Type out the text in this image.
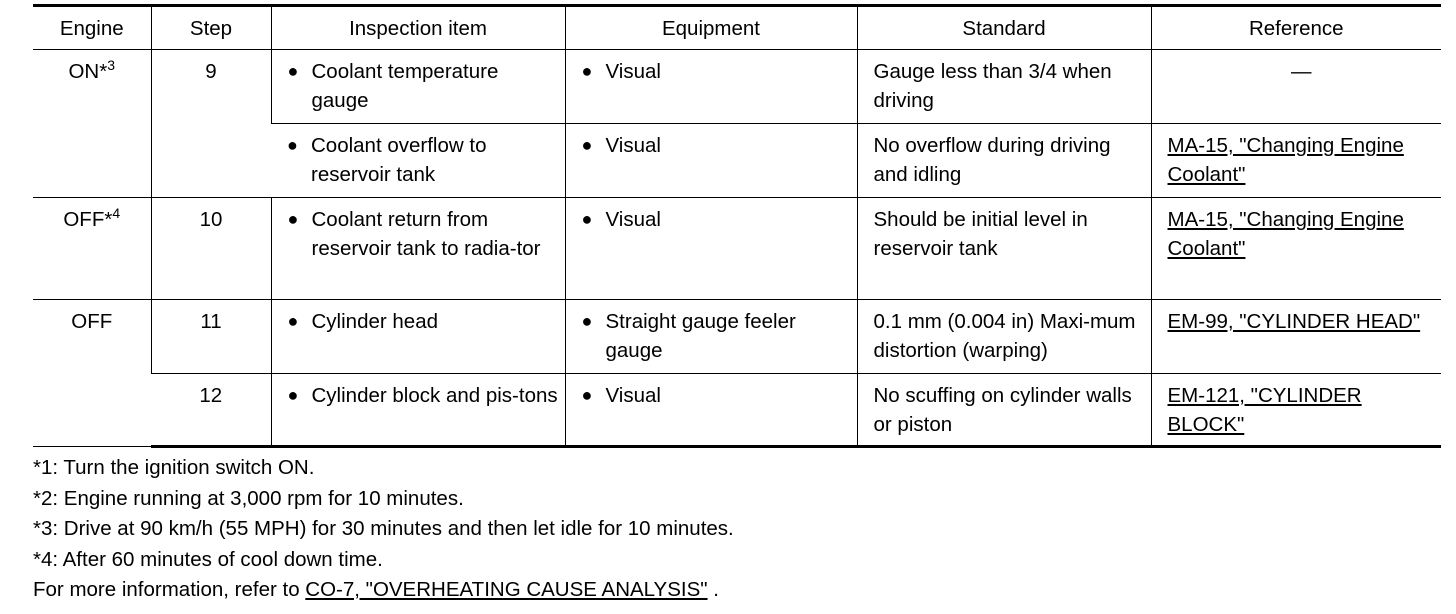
Engine	Step	Inspection item	Equipment	Standard	Reference
ON*$^3$	9	● Coolant temperature gauge	● Visual	Gauge less than 3/4 when driving	—

		● Coolant overflow to reservoir tank	● Visual	No overflow during driving and idling	MA-15, "Changing Engine Coolant"
OFF*$^4$	10	● Coolant return from reservoir tank to radia-tor	● Visual	Should be initial level in reservoir tank	MA-15, "Changing Engine Coolant"
OFF	11	● Cylinder head	● Straight gauge feeler gauge	0.1 mm (0.004 in) Maxi-mum distortion (warping)	EM-99, "CYLINDER HEAD"
	12	● Cylinder block and pis-tons	● Visual	No scuffing on cylinder walls or piston	EM-121, "CYLINDER BLOCK"
*1: Turn the ignition switch ON.
*2: Engine running at 3,000 rpm for 10 minutes.
*3: Drive at 90 km/h (55 MPH) for 30 minutes and then let idle for 10 minutes.
*4: After 60 minutes of cool down time.
For more information, refer to CO-7, "OVERHEATING CAUSE ANALYSIS" .
